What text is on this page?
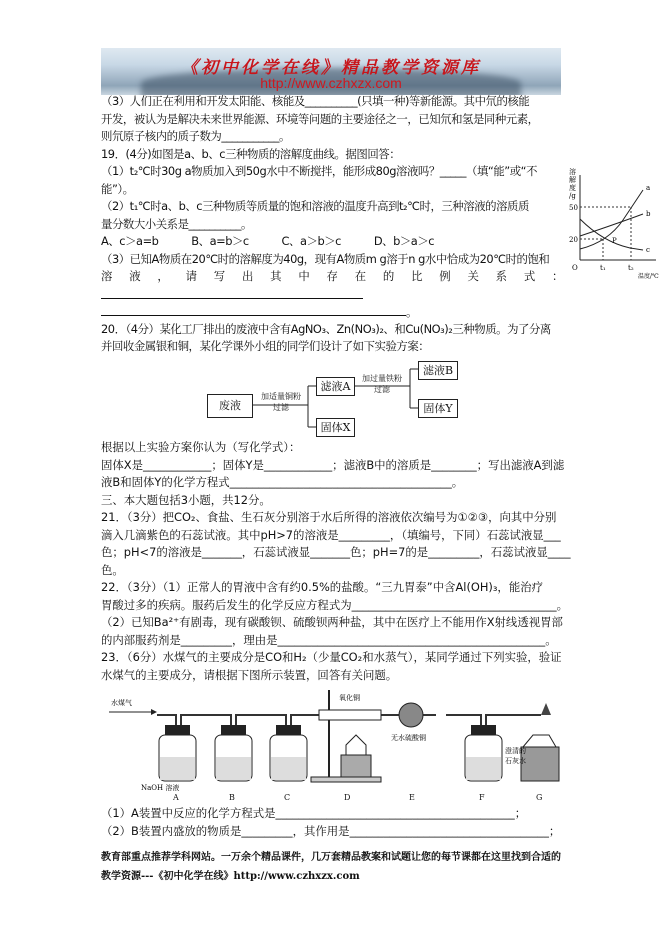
《初中化学在线》精品教学资源库
http://www.czhxzx.com
（3）人们正在利用和开发太阳能、核能及__________(只填一种)等新能源。其中氘的核能
开发，被认为是解决未来世界能源、环境等问题的主要途径之一，已知氘和氢是同种元素，
则氘原子核内的质子数为___________。
19．(4分)如图是a、b、c三种物质的溶解度曲线。据图回答：
（1）t₂℃时30g a物质加入到50g水中不断搅拌，能形成80g溶液吗？_____（填“能”或“不
能”）。
（2）t₁℃时a、b、c三种物质等质量的饱和溶液的温度升高到t₂℃时，三种溶液的溶质质
量分数大小关系是__________。
A、c＞a=b　　　B、a=b＞c　　　C、a＞b＞c　　　D、b＞a＞c
（3）已知A物质在20℃时的溶解度为40g，现有A物质m g溶于n g水中恰成为20℃时的饱和
溶 液 ， 请 写 出 其 中 存 在 的 比 例 关 系 式 ：
。
20．（4分）某化工厂排出的废液中含有AgNO₃、Zn(NO₃)₂、和Cu(NO₃)₂三种物质。为了分离
并回收金属银和铜，某化学课外小组的同学们设计了如下实验方案：
溶
解
度
/g
50
20
O	t₁	t₂
温度/℃
a
b
c
P
废液
加适量铜粉
过滤
滤液A
固体X
加过量铁粉
过滤
滤液B
固体Y
根据以上实验方案你认为（写化学式）：
固体X是____________；固体Y是____________；滤液B中的溶质是________；写出滤液A到滤
液B和固体Y的化学方程式_______________________________________。
三、本大题包括3小题，共12分。
21．（3分）把CO₂、食盐、生石灰分别溶于水后所得的溶液依次编号为①②③，向其中分别
滴入几滴紫色的石蕊试液。其中pH>7的溶液是_________，（填编号，下同）石蕊试液显___
色；pH<7的溶液是_______，石蕊试液显_______色；pH=7的是_________，石蕊试液显____
色。
22．（3分）（1）正常人的胃液中含有约0.5%的盐酸。“三九胃泰”中含Al(OH)₃，能治疗
胃酸过多的疾病。服药后发生的化学反应方程式为____________________________________。
（2）已知Ba²⁺有剧毒，现有碳酸钡、硫酸钡两种盐，其中在医疗上不能用作X射线透视胃部
的内部服药剂是_________，理由是_______________________________________________。
23．（6分）水煤气的主要成分是CO和H₂（少量CO₂和水蒸气），某同学通过下列实验，验证
水煤气的主要成分，请根据下图所示装置，回答有关问题。
水煤气
氧化铜
无水硫酸铜
NaOH 溶液
澄清的
石灰水
A	B	C	D	E	F	G
（1）A装置中反应的化学方程式是__________________________________________；
（2）B装置内盛放的物质是_________，其作用是___________________________________；
教育部重点推荐学科网站。一万余个精品课件，几万套精品教案和试题让您的每节课都在这里找到合适的
教学资源---《初中化学在线》http://www.czhxzx.com
